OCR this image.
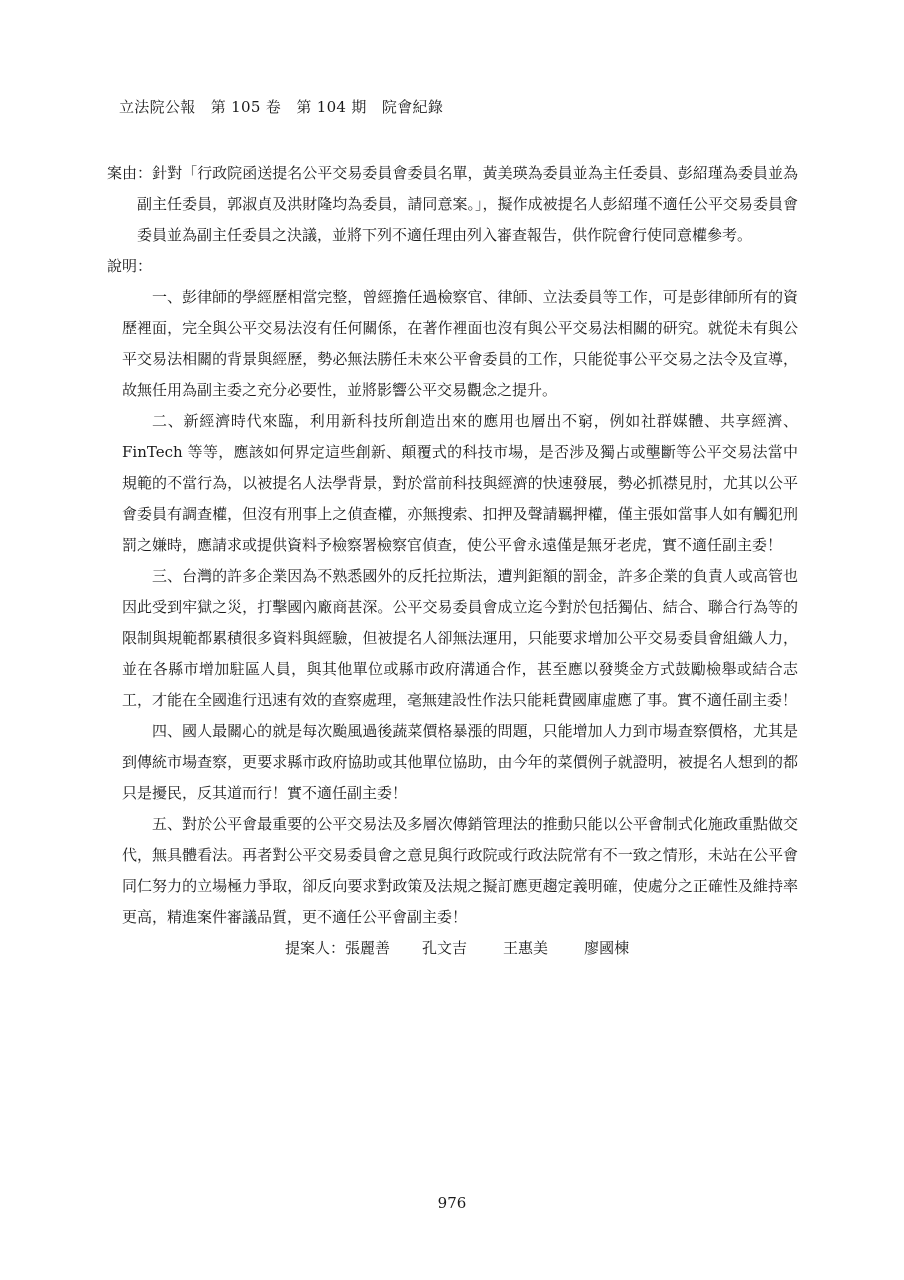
立法院公報　第 105 卷　第 104 期　院會紀錄

案由：針對「行政院函送提名公平交易委員會委員名單，黃美瑛為委員並為主任委員、彭紹瑾為委員並為副主任委員，郭淑貞及洪財隆均為委員，請同意案。」，擬作成被提名人彭紹瑾不適任公平交易委員會委員並為副主任委員之決議，並將下列不適任理由列入審查報告，供作院會行使同意權參考。

說明：

一、彭律師的學經歷相當完整，曾經擔任過檢察官、律師、立法委員等工作，可是彭律師所有的資歷裡面，完全與公平交易法沒有任何關係，在著作裡面也沒有與公平交易法相關的研究。就從未有與公平交易法相關的背景與經歷，勢必無法勝任未來公平會委員的工作，只能從事公平交易之法令及宣導，故無任用為副主委之充分必要性，並將影響公平交易觀念之提升。

二、新經濟時代來臨，利用新科技所創造出來的應用也層出不窮，例如社群媒體、共享經濟、FinTech 等等，應該如何界定這些創新、顛覆式的科技市場，是否涉及獨占或壟斷等公平交易法當中規範的不當行為，以被提名人法學背景，對於當前科技與經濟的快速發展，勢必抓襟見肘，尤其以公平會委員有調查權，但沒有刑事上之偵查權，亦無搜索、扣押及聲請羈押權，僅主張如當事人如有觸犯刑罰之嫌時，應請求或提供資料予檢察署檢察官偵查，使公平會永遠僅是無牙老虎，實不適任副主委！

三、台灣的許多企業因為不熟悉國外的反托拉斯法，遭判鉅額的罰金，許多企業的負責人或高管也因此受到牢獄之災，打擊國內廠商甚深。公平交易委員會成立迄今對於包括獨佔、結合、聯合行為等的限制與規範都累積很多資料與經驗，但被提名人卻無法運用，只能要求增加公平交易委員會組織人力，並在各縣市增加駐區人員，與其他單位或縣市政府溝通合作，甚至應以發獎金方式鼓勵檢舉或結合志工，才能在全國進行迅速有效的查察處理，毫無建設性作法只能耗費國庫虛應了事。實不適任副主委！

四、國人最關心的就是每次颱風過後蔬菜價格暴漲的問題，只能增加人力到市場查察價格，尤其是到傳統市場查察，更要求縣市政府協助或其他單位協助，由今年的菜價例子就證明，被提名人想到的都只是擾民，反其道而行！實不適任副主委！

五、對於公平會最重要的公平交易法及多層次傳銷管理法的推動只能以公平會制式化施政重點做交代，無具體看法。再者對公平交易委員會之意見與行政院或行政法院常有不一致之情形，未站在公平會同仁努力的立場極力爭取，卻反向要求對政策及法規之擬訂應更趨定義明確，使處分之正確性及維持率更高，精進案件審議品質，更不適任公平會副主委！

提案人：張麗善 孔文吉 王惠美 廖國棟

976
